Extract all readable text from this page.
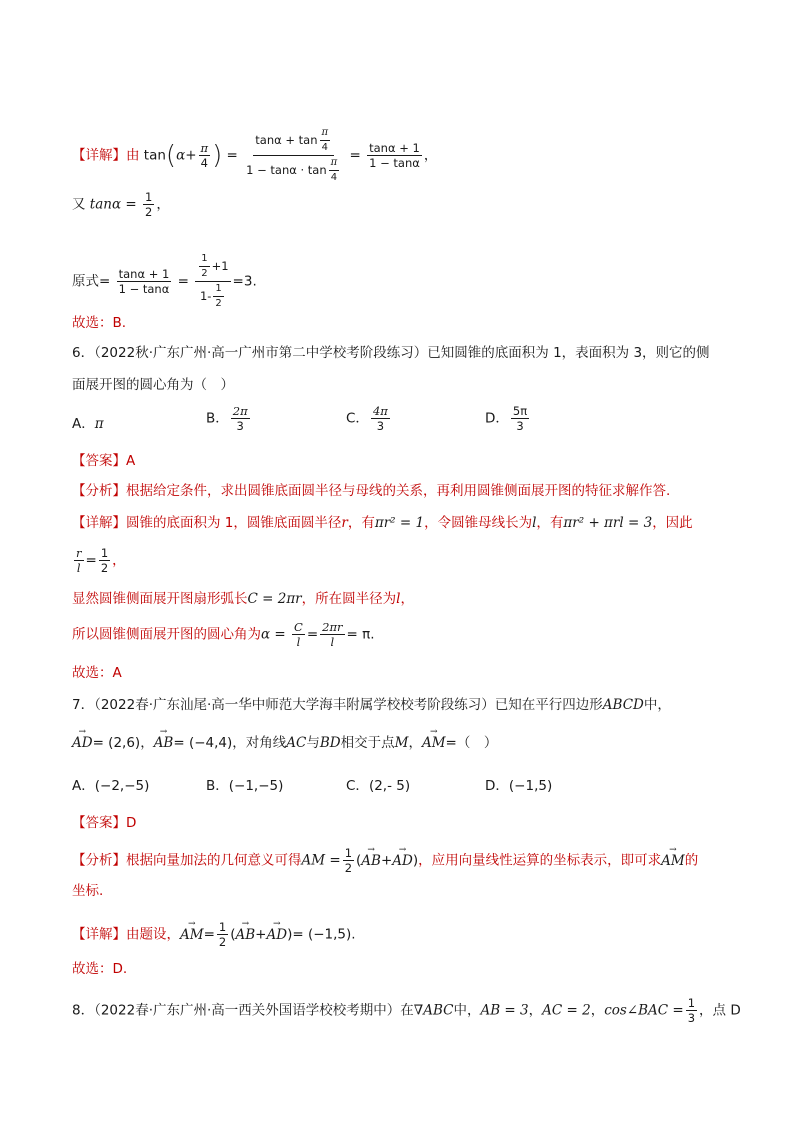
【详解】由 $\tan(\alpha+ \frac{\pi}{4}$ ) = $\frac{\tan\alpha + \tan \frac{\pi}{4}}{1 - \tan\alpha \cdot \tan \frac{\pi}{4}} = \frac{\tan\alpha + 1}{1 - \tan\alpha}$ ，
又 $\tan\alpha = \frac{1}{2}$ ，
原式= $\frac{\tan\alpha + 1}{1 - \tan\alpha} = \frac{\frac{1}{2} +1}{1- \frac{1}{2}} =3$.
故选：B.
6．（2022秋·广东广州·高一广州市第二中学校考阶段练习）已知圆锥的底面积为 1，表面积为 3，则它的侧
面展开图的圆心角为（　）
A．π	B． $\frac{2\pi}{3}$	C． $\frac{4\pi}{3}$	D． $\frac{5\pi}{3}$
【答案】A
【分析】根据给定条件，求出圆锥底面圆半径与母线的关系，再利用圆锥侧面展开图的特征求解作答.
【详解】圆锥的底面积为 1，圆锥底面圆半径r，有πr² = 1，令圆锥母线长为l，有πr² + πrl = 3，因此
$\frac{r}{l} = \frac{1}{2}$ ，
显然圆锥侧面展开图扇形弧长C = 2πr，所在圆半径为l，
所以圆锥侧面展开图的圆心角为$\alpha = \frac{C}{l} = \frac{2\pi r}{l} = \pi$.
故选：A
7．（2022春·广东汕尾·高一华中师范大学海丰附属学校校考阶段练习）已知在平行四边形ABCD中，
→ AD= (2,6)，→ AB= (−4,4)，对角线AC与BD相交于点M，→ AM=（　）
A．(−2,−5)	B．(−1,−5)	C．(2,- 5)	D．(−1,5)
【答案】D
【分析】根据向量加法的几何意义可得AM = $\frac{1}{2}$ (→ AB+→ AD)，应用向量线性运算的坐标表示，即可求→ AM的
坐标.
【详解】由题设，→ $AM= \frac{1}{2}$ (→ AB+→ AD)= (−1,5).
故选：D.
8．（2022春·广东广州·高一西关外国语学校校考期中）在∇ABC中，AB = 3，AC = 2，cos∠BAC = $\frac{1}{3}$ ，点 D
